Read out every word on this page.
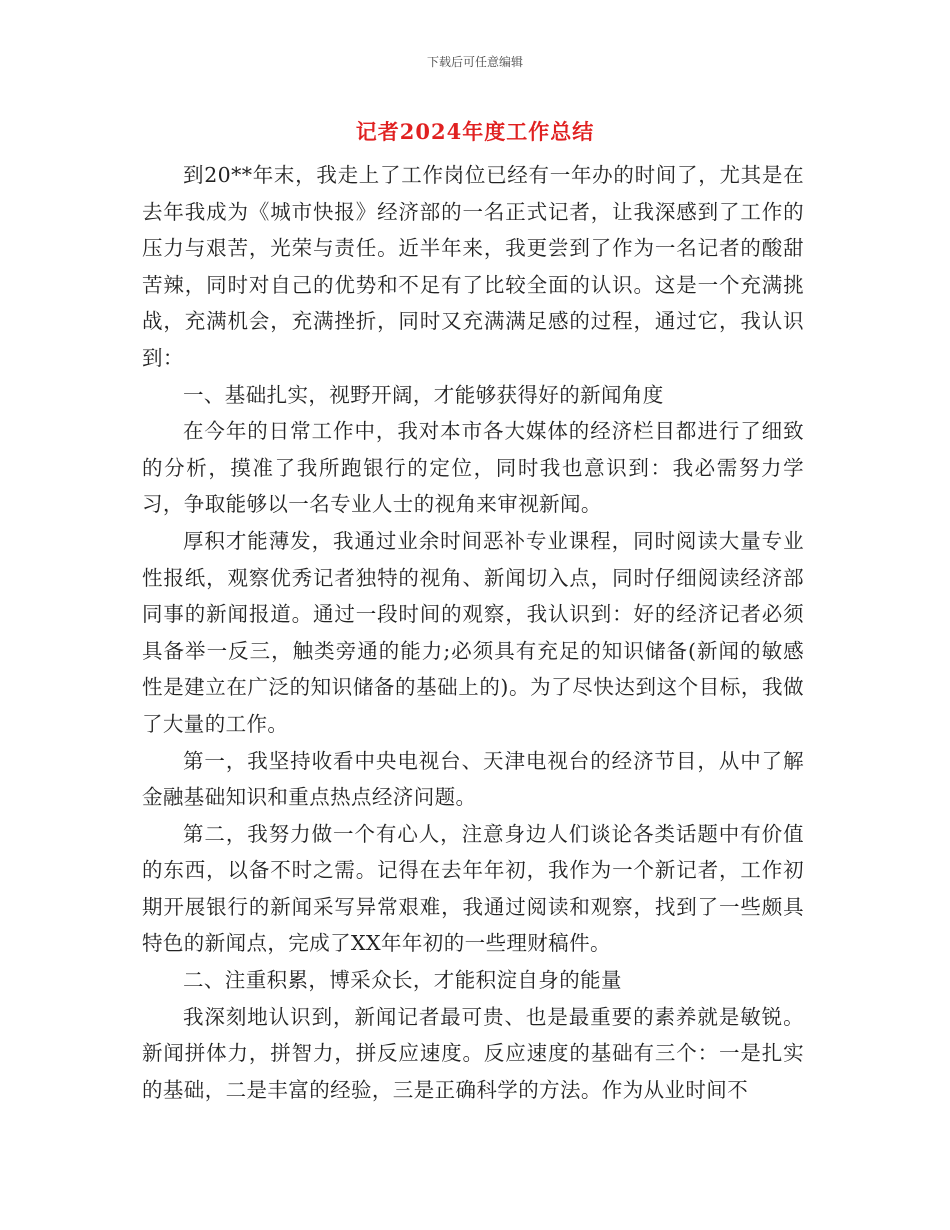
下载后可任意编辑
记者2024年度工作总结

到20**年末，我走上了工作岗位已经有一年办的时间了，尤其是在去年我成为《城市快报》经济部的一名正式记者，让我深感到了工作的压力与艰苦，光荣与责任。近半年来，我更尝到了作为一名记者的酸甜苦辣，同时对自己的优势和不足有了比较全面的认识。这是一个充满挑战，充满机会，充满挫折，同时又充满满足感的过程，通过它，我认识到：

一、基础扎实，视野开阔，才能够获得好的新闻角度

在今年的日常工作中，我对本市各大媒体的经济栏目都进行了细致的分析，摸准了我所跑银行的定位，同时我也意识到：我必需努力学习，争取能够以一名专业人士的视角来审视新闻。

厚积才能薄发，我通过业余时间恶补专业课程，同时阅读大量专业性报纸，观察优秀记者独特的视角、新闻切入点，同时仔细阅读经济部同事的新闻报道。通过一段时间的观察，我认识到：好的经济记者必须具备举一反三，触类旁通的能力;必须具有充足的知识储备(新闻的敏感性是建立在广泛的知识储备的基础上的)。为了尽快达到这个目标，我做了大量的工作。

第一，我坚持收看中央电视台、天津电视台的经济节目，从中了解金融基础知识和重点热点经济问题。

第二，我努力做一个有心人，注意身边人们谈论各类话题中有价值的东西，以备不时之需。记得在去年年初，我作为一个新记者，工作初期开展银行的新闻采写异常艰难，我通过阅读和观察，找到了一些颇具特色的新闻点，完成了XX年年初的一些理财稿件。

二、注重积累，博采众长，才能积淀自身的能量

我深刻地认识到，新闻记者最可贵、也是最重要的素养就是敏锐。新闻拼体力，拼智力，拼反应速度。反应速度的基础有三个：一是扎实的基础，二是丰富的经验，三是正确科学的方法。作为从业时间不
